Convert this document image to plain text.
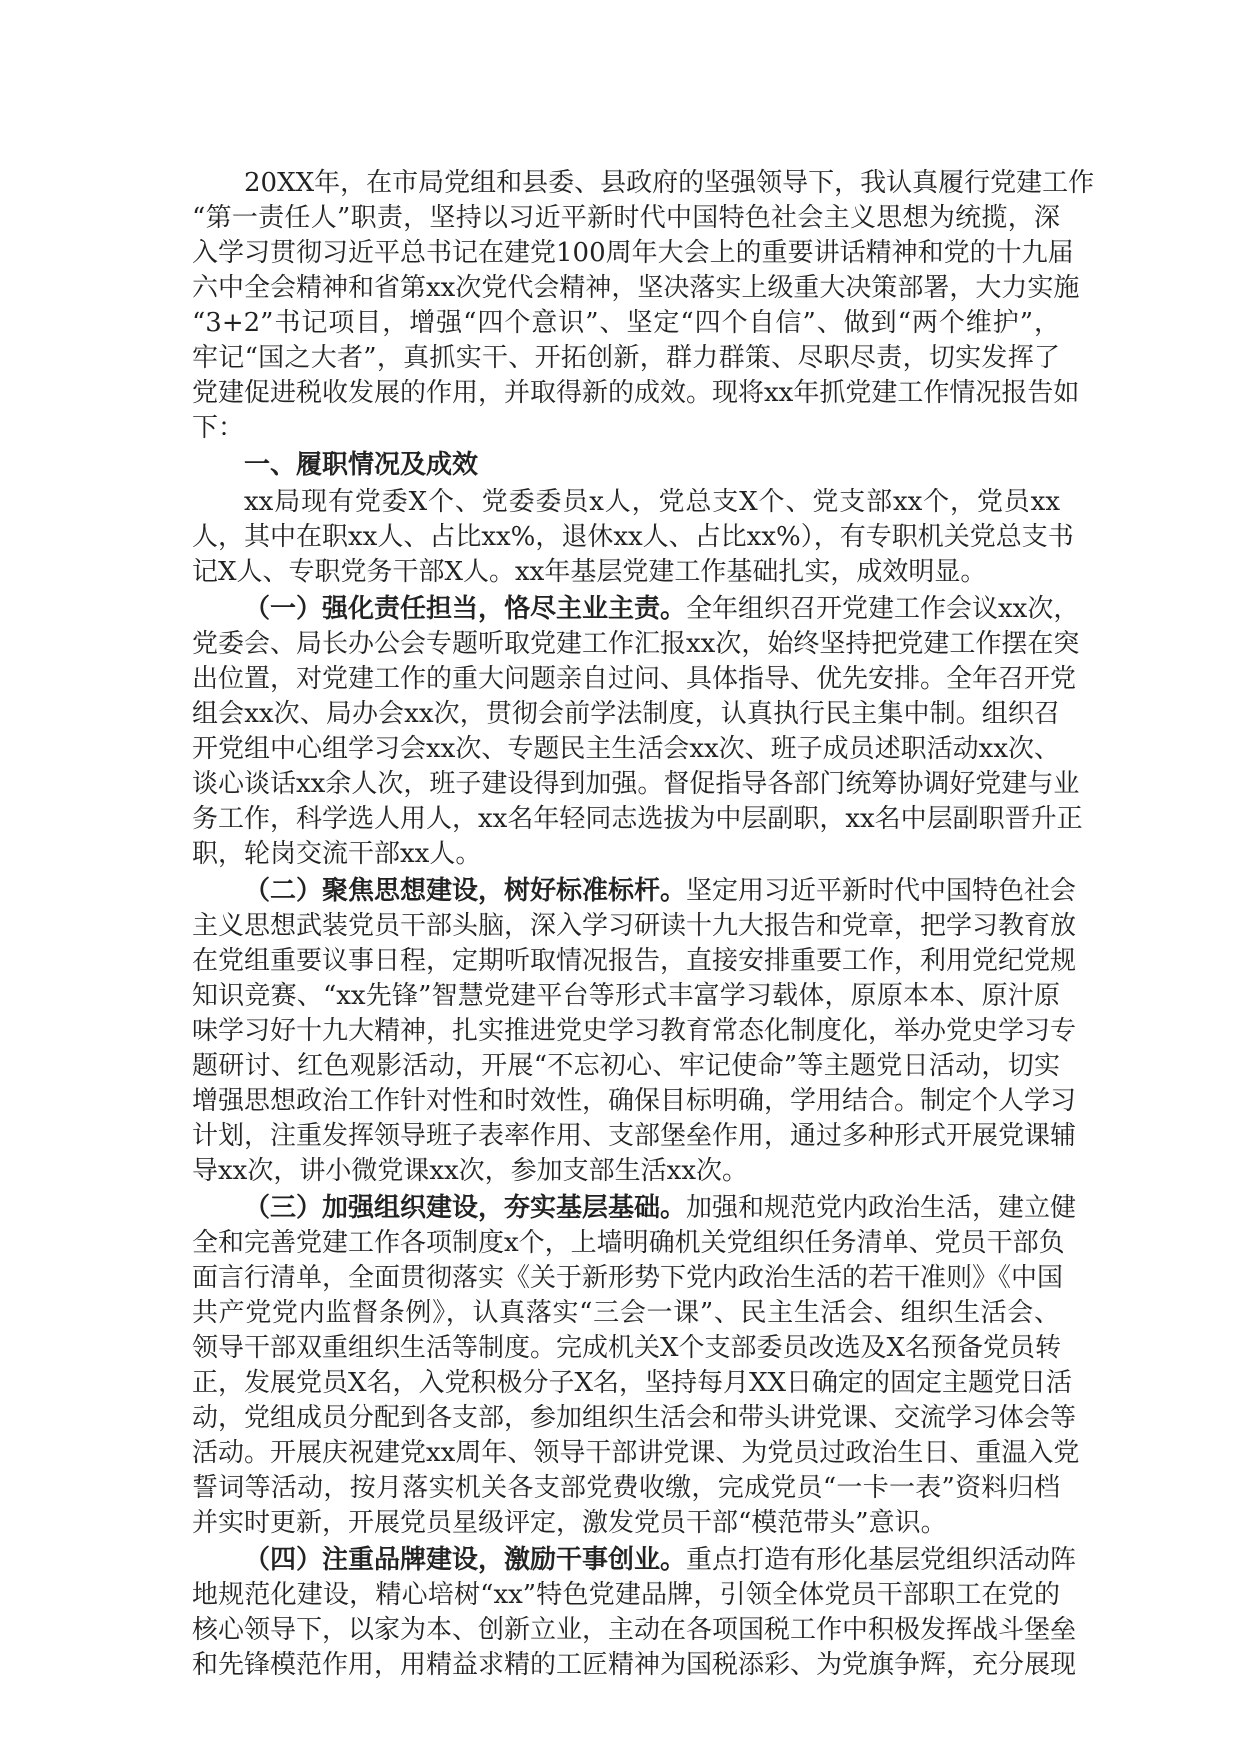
20XX年，在市局党组和县委、县政府的坚强领导下，我认真履行党建工作
“第一责任人”职责，坚持以习近平新时代中国特色社会主义思想为统揽，深
入学习贯彻习近平总书记在建党100周年大会上的重要讲话精神和党的十九届
六中全会精神和省第xx次党代会精神，坚决落实上级重大决策部署，大力实施
“3+2”书记项目，增强“四个意识”、坚定“四个自信”、做到“两个维护”，
牢记“国之大者”，真抓实干、开拓创新，群力群策、尽职尽责，切实发挥了
党建促进税收发展的作用，并取得新的成效。现将xx年抓党建工作情况报告如
下：
一、履职情况及成效
xx局现有党委X个、党委委员x人，党总支X个、党支部xx个，党员xx
人，其中在职xx人、占比xx%，退休xx人、占比xx%），有专职机关党总支书
记X人、专职党务干部X人。xx年基层党建工作基础扎实，成效明显。
（一）强化责任担当，恪尽主业主责。全年组织召开党建工作会议xx次，
党委会、局长办公会专题听取党建工作汇报xx次，始终坚持把党建工作摆在突
出位置，对党建工作的重大问题亲自过问、具体指导、优先安排。全年召开党
组会xx次、局办会xx次，贯彻会前学法制度，认真执行民主集中制。组织召
开党组中心组学习会xx次、专题民主生活会xx次、班子成员述职活动xx次、
谈心谈话xx余人次，班子建设得到加强。督促指导各部门统筹协调好党建与业
务工作，科学选人用人，xx名年轻同志选拔为中层副职，xx名中层副职晋升正
职，轮岗交流干部xx人。
（二）聚焦思想建设，树好标准标杆。坚定用习近平新时代中国特色社会
主义思想武装党员干部头脑，深入学习研读十九大报告和党章，把学习教育放
在党组重要议事日程，定期听取情况报告，直接安排重要工作，利用党纪党规
知识竞赛、“xx先锋”智慧党建平台等形式丰富学习载体，原原本本、原汁原
味学习好十九大精神，扎实推进党史学习教育常态化制度化，举办党史学习专
题研讨、红色观影活动，开展“不忘初心、牢记使命”等主题党日活动，切实
增强思想政治工作针对性和时效性，确保目标明确，学用结合。制定个人学习
计划，注重发挥领导班子表率作用、支部堡垒作用，通过多种形式开展党课辅
导xx次，讲小微党课xx次，参加支部生活xx次。
（三）加强组织建设，夯实基层基础。加强和规范党内政治生活，建立健
全和完善党建工作各项制度x个，上墙明确机关党组织任务清单、党员干部负
面言行清单，全面贯彻落实《关于新形势下党内政治生活的若干准则》《中国
共产党党内监督条例》，认真落实“三会一课”、民主生活会、组织生活会、
领导干部双重组织生活等制度。完成机关X个支部委员改选及X名预备党员转
正，发展党员X名，入党积极分子X名，坚持每月XX日确定的固定主题党日活
动，党组成员分配到各支部，参加组织生活会和带头讲党课、交流学习体会等
活动。开展庆祝建党xx周年、领导干部讲党课、为党员过政治生日、重温入党
誓词等活动，按月落实机关各支部党费收缴，完成党员“一卡一表”资料归档
并实时更新，开展党员星级评定，激发党员干部“模范带头”意识。
（四）注重品牌建设，激励干事创业。重点打造有形化基层党组织活动阵
地规范化建设，精心培树“xx”特色党建品牌，引领全体党员干部职工在党的
核心领导下，以家为本、创新立业，主动在各项国税工作中积极发挥战斗堡垒
和先锋模范作用，用精益求精的工匠精神为国税添彩、为党旗争辉，充分展现
